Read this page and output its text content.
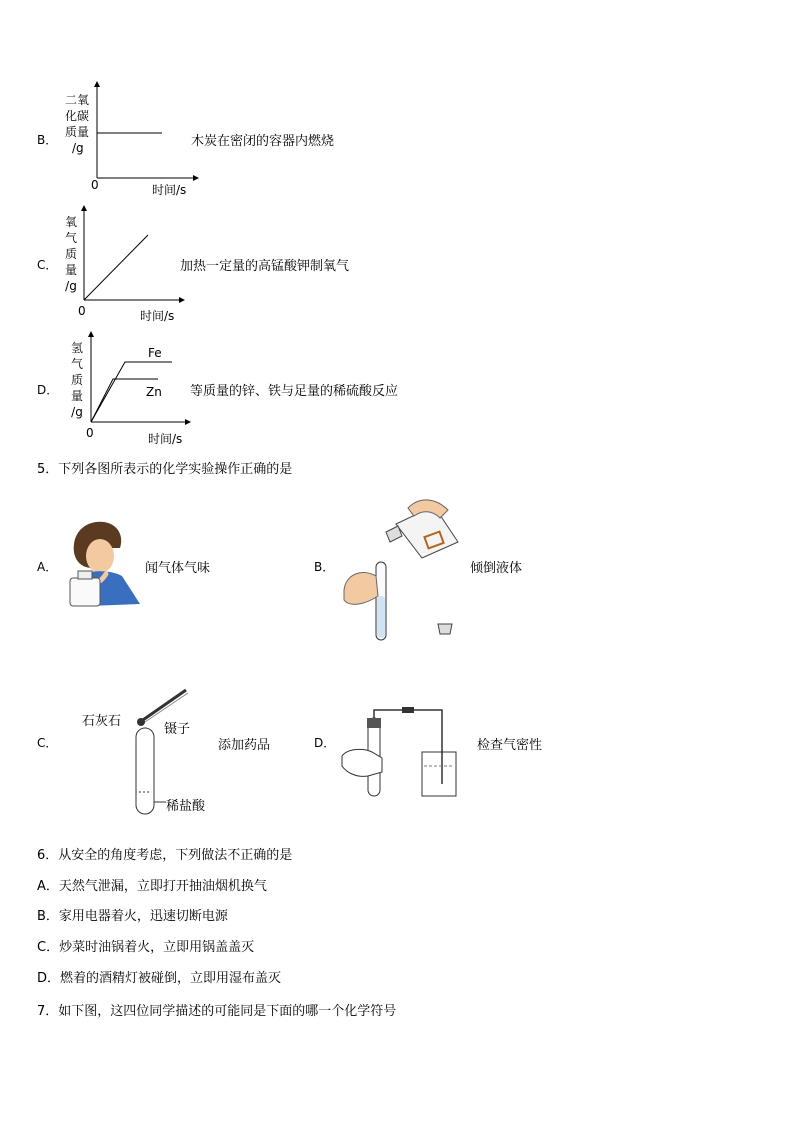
B．
二氧
化碳
质量
/g
0	时间/s
木炭在密闭的容器内燃烧
C．
氧
气
质
量
/g
0	时间/s
加热一定量的高锰酸钾制氧气
D．
氢
气
质
量
/g
Fe
Zn
0	时间/s
等质量的锌、铁与足量的稀硫酸反应
5．下列各图所表示的化学实验操作正确的是
A．	闻气体气味	B．	倾倒液体
C．
石灰石
镊子
稀盐酸
添加药品	D．	检查气密性
6．从安全的角度考虑，下列做法不正确的是
A．天然气泄漏，立即打开抽油烟机换气
B．家用电器着火，迅速切断电源
C．炒菜时油锅着火，立即用锅盖盖灭
D．燃着的酒精灯被碰倒，立即用湿布盖灭
7．如下图，这四位同学描述的可能同是下面的哪一个化学符号
